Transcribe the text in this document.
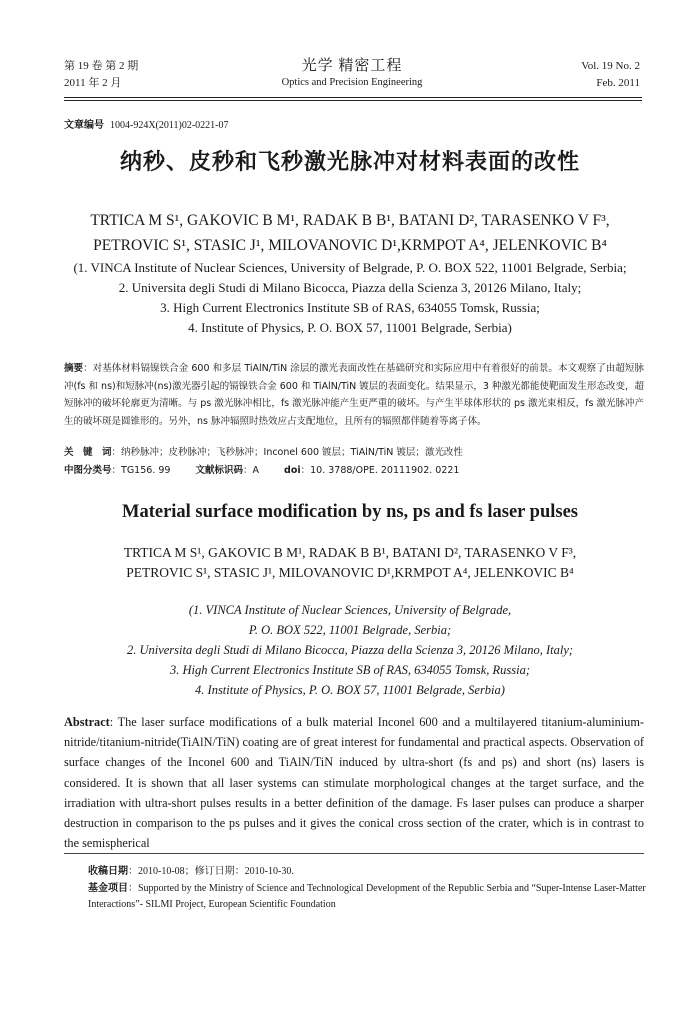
第 19 卷 第 2 期
2011 年 2 月
光学 精密工程
Optics and Precision Engineering
Vol. 19 No. 2
Feb. 2011
文章编号 1004-924X(2011)02-0221-07
纳秒、皮秒和飞秒激光脉冲对材料表面的改性
TRTICA M S¹, GAKOVIC B M¹, RADAK B B¹, BATANI D², TARASENKO V F³,
PETROVIC S¹, STASIC J¹, MILOVANOVIC D¹,KRMPOT A⁴, JELENKOVIC B⁴
(1. VINCA Institute of Nuclear Sciences, University of Belgrade, P. O. BOX 522, 11001 Belgrade, Serbia;
2. Universita degli Studi di Milano Bicocca, Piazza della Scienza 3, 20126 Milano, Italy;
3. High Current Electronics Institute SB of RAS, 634055 Tomsk, Russia;
4. Institute of Physics, P. O. BOX 57, 11001 Belgrade, Serbia)
摘要：对基体材料镉镍铁合金 600 和多层 TiAlN/TiN 涂层的激光表面改性在基础研究和实际应用中有着很好的前景。本文观察了由超短脉冲(fs 和 ns)和短脉冲(ns)激光器引起的镉镍铁合金 600 和 TiAlN/TiN 镀层的表面变化。结果显示，3 种激光都能使靶面发生形态改变，超短脉冲的破坏轮廓更为清晰。与 ps 激光脉冲相比，fs 激光脉冲能产生更严重的破坏。与产生半球体形状的 ps 激光束相反，fs 激光脉冲产生的破坏斑是圆锥形的。另外，ns 脉冲辐照时热效应占支配地位，且所有的辐照都伴随着等离子体。
关　键　词：纳秒脉冲；皮秒脉冲；飞秒脉冲；Inconel 600 镀层；TiAlN/TiN 镀层；激光改性
中图分类号：TG156. 99	文献标识码：A	doi：10. 3788/OPE. 20111902. 0221
Material surface modification by ns, ps and fs laser pulses
TRTICA M S¹, GAKOVIC B M¹, RADAK B B¹, BATANI D², TARASENKO V F³,
PETROVIC S¹, STASIC J¹, MILOVANOVIC D¹,KRMPOT A⁴, JELENKOVIC B⁴
(1. VINCA Institute of Nuclear Sciences, University of Belgrade,
P. O. BOX 522, 11001 Belgrade, Serbia;
2. Universita degli Studi di Milano Bicocca, Piazza della Scienza 3, 20126 Milano, Italy;
3. High Current Electronics Institute SB of RAS, 634055 Tomsk, Russia;
4. Institute of Physics, P. O. BOX 57, 11001 Belgrade, Serbia)
Abstract: The laser surface modifications of a bulk material Inconel 600 and a multilayered titanium-aluminium-nitride/titanium-nitride(TiAlN/TiN) coating are of great interest for fundamental and practical aspects. Observation of surface changes of the Inconel 600 and TiAlN/TiN induced by ultra-short (fs and ps) and short (ns) lasers is considered. It is shown that all laser systems can stimulate morphological changes at the target surface, and the irradiation with ultra-short pulses results in a better definition of the damage. Fs laser pulses can produce a sharper destruction in comparison to the ps pulses and it gives the conical cross section of the crater, which is in contrast to the semispherical
收稿日期：2010-10-08；修订日期：2010-10-30.
基金项目：Supported by the Ministry of Science and Technological Development of the Republic Serbia and “Super-Intense Laser-Matter Interactions”- SILMI Project, European Scientific Foundation
